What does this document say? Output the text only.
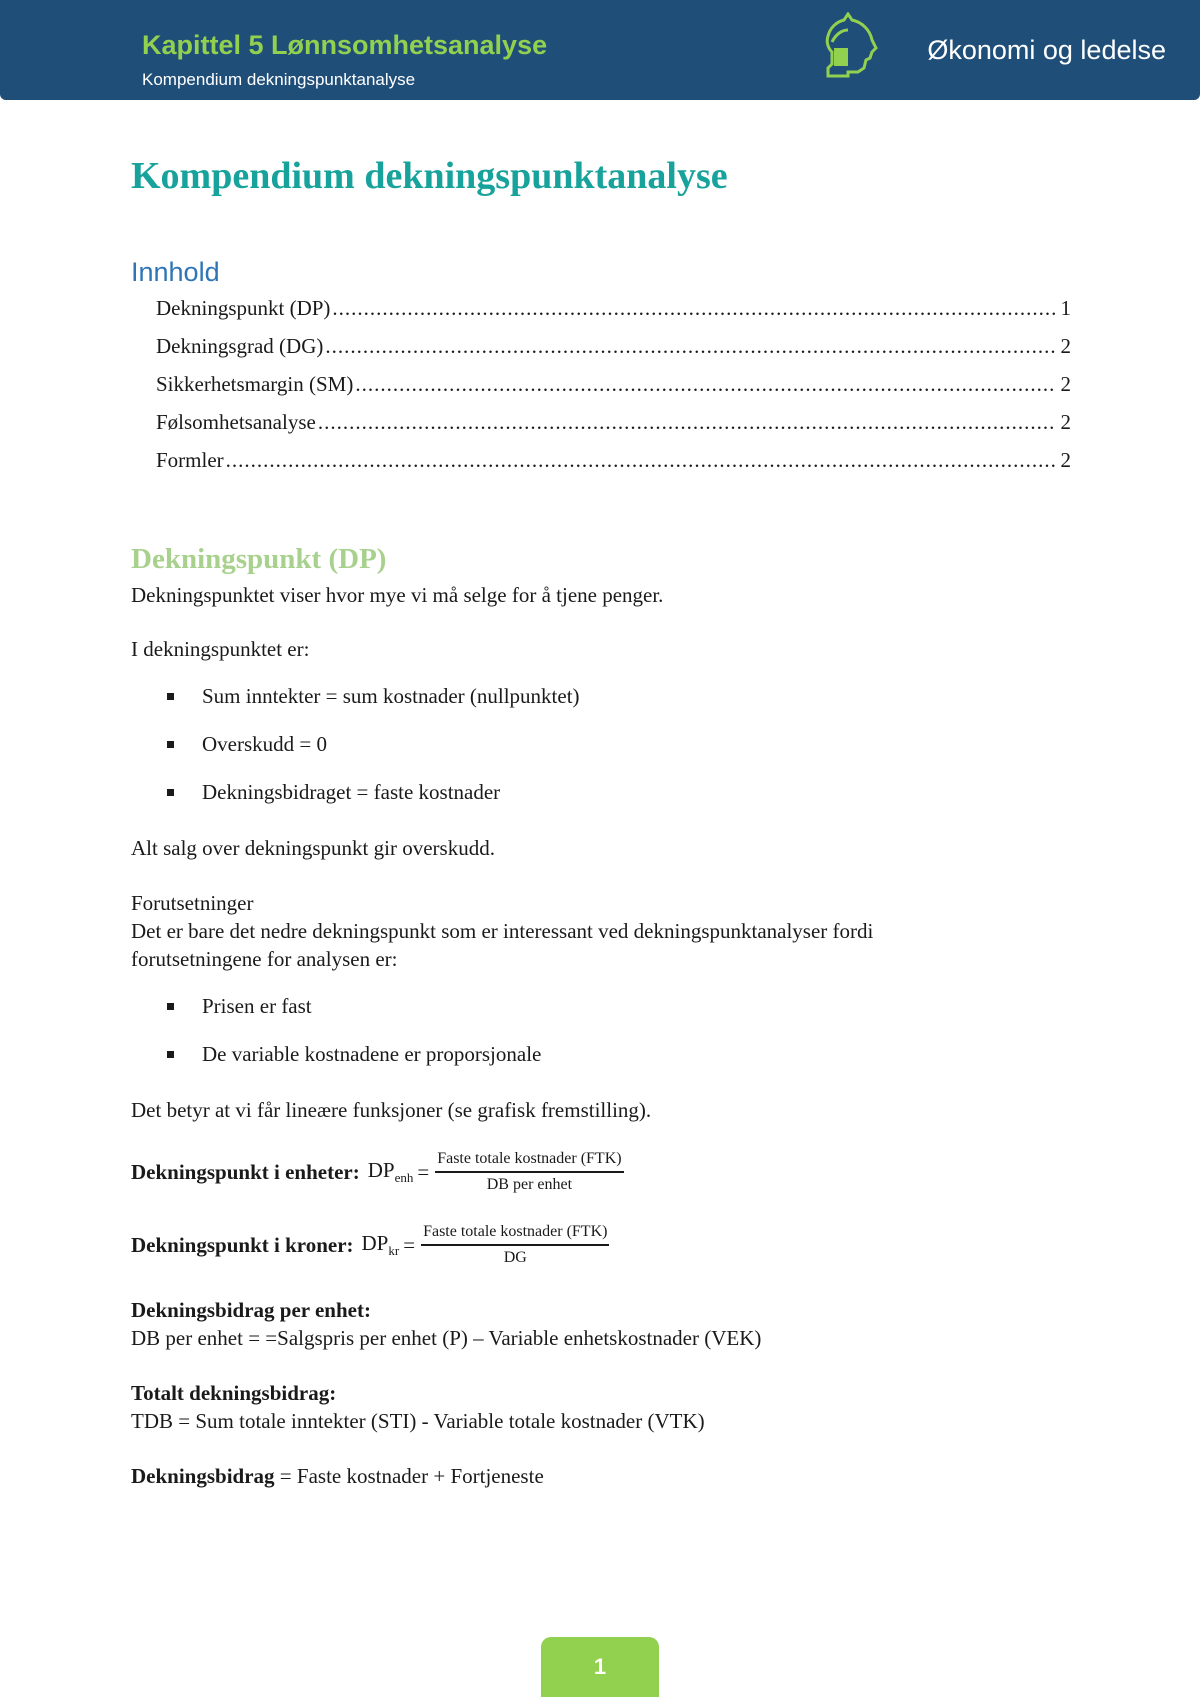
Kapittel 5 Lønnsomhetsanalyse
Kompendium dekningspunktanalyse
Økonomi og ledelse
Kompendium dekningspunktanalyse
Innhold
Dekningspunkt (DP) .....	1
Dekningsgrad (DG) .....	2
Sikkerhetsmargin (SM) .....	2
Følsomhetsanalyse .....	2
Formler .....	2
Dekningspunkt (DP)

Dekningspunktet viser hvor mye vi må selge for å tjene penger.

I dekningspunktet er:

Sum inntekter = sum kostnader (nullpunktet)
Overskudd = 0
Dekningsbidraget = faste kostnader

Alt salg over dekningspunkt gir overskudd.

Forutsetninger

Det er bare det nedre dekningspunkt som er interessant ved dekningspunktanalyser fordi

forutsetningene for analysen er:

Prisen er fast
De variable kostnadene er proporsjonale

Det betyr at vi får lineære funksjoner (se grafisk fremstilling).

Dekningspunkt i enheter: $DP_{enh} = \frac{\text{Faste totale kostnader (FTK)}}{\text{DB per enhet}}$
Dekningspunkt i kroner: $DP_{kr} = \frac{\text{Faste totale kostnader (FTK)}}{DG}$

Dekningsbidrag per enhet:

DB per enhet = =Salgspris per enhet (P) – Variable enhetskostnader (VEK)

Totalt dekningsbidrag:

TDB = Sum totale inntekter (STI) - Variable totale kostnader (VTK)

Dekningsbidrag = Faste kostnader + Fortjeneste

1
